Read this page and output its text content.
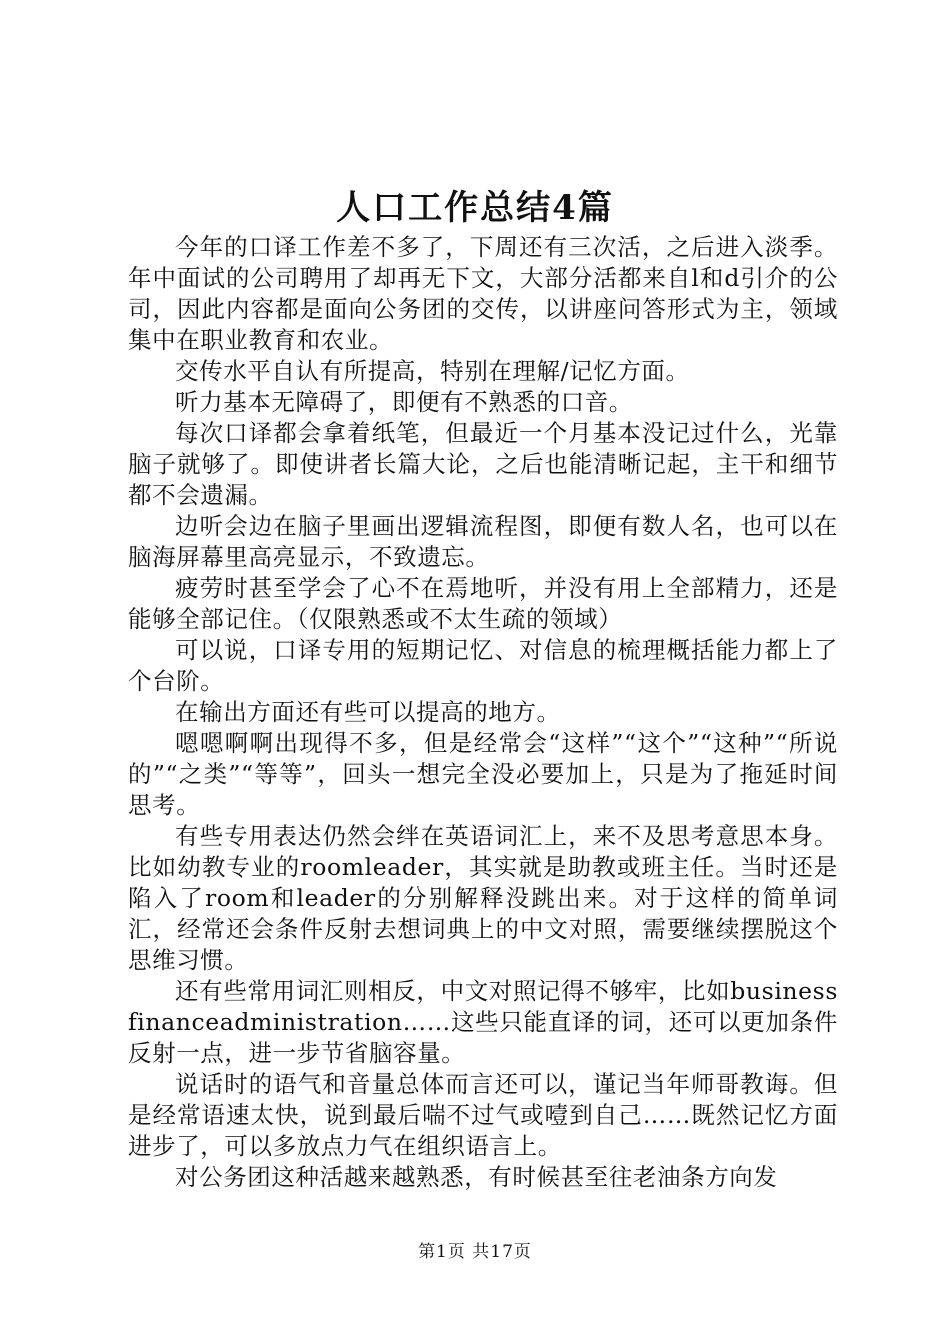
人口工作总结4篇

今年的口译工作差不多了，下周还有三次活，之后进入淡季。年中面试的公司聘用了却再无下文，大部分活都来自l和d引介的公司，因此内容都是面向公务团的交传，以讲座问答形式为主，领域集中在职业教育和农业。

交传水平自认有所提高，特别在理解/记忆方面。

听力基本无障碍了，即便有不熟悉的口音。

每次口译都会拿着纸笔，但最近一个月基本没记过什么，光靠脑子就够了。即使讲者长篇大论，之后也能清晰记起，主干和细节都不会遗漏。

边听会边在脑子里画出逻辑流程图，即便有数人名，也可以在脑海屏幕里高亮显示，不致遗忘。

疲劳时甚至学会了心不在焉地听，并没有用上全部精力，还是能够全部记住。（仅限熟悉或不太生疏的领域）

可以说，口译专用的短期记忆、对信息的梳理概括能力都上了个台阶。

在输出方面还有些可以提高的地方。

嗯嗯啊啊出现得不多，但是经常会“这样”“这个”“这种”“所说的”“之类”“等等”，回头一想完全没必要加上，只是为了拖延时间思考。

有些专用表达仍然会绊在英语词汇上，来不及思考意思本身。比如幼教专业的roomleader，其实就是助教或班主任。当时还是陷入了room和leader的分别解释没跳出来。对于这样的简单词汇，经常还会条件反射去想词典上的中文对照，需要继续摆脱这个思维习惯。

还有些常用词汇则相反，中文对照记得不够牢，比如businessfinanceadministration……这些只能直译的词，还可以更加条件反射一点，进一步节省脑容量。

说话时的语气和音量总体而言还可以，谨记当年师哥教诲。但是经常语速太快，说到最后喘不过气或噎到自己……既然记忆方面进步了，可以多放点力气在组织语言上。

对公务团这种活越来越熟悉，有时候甚至往老油条方向发

第1页 共17页
